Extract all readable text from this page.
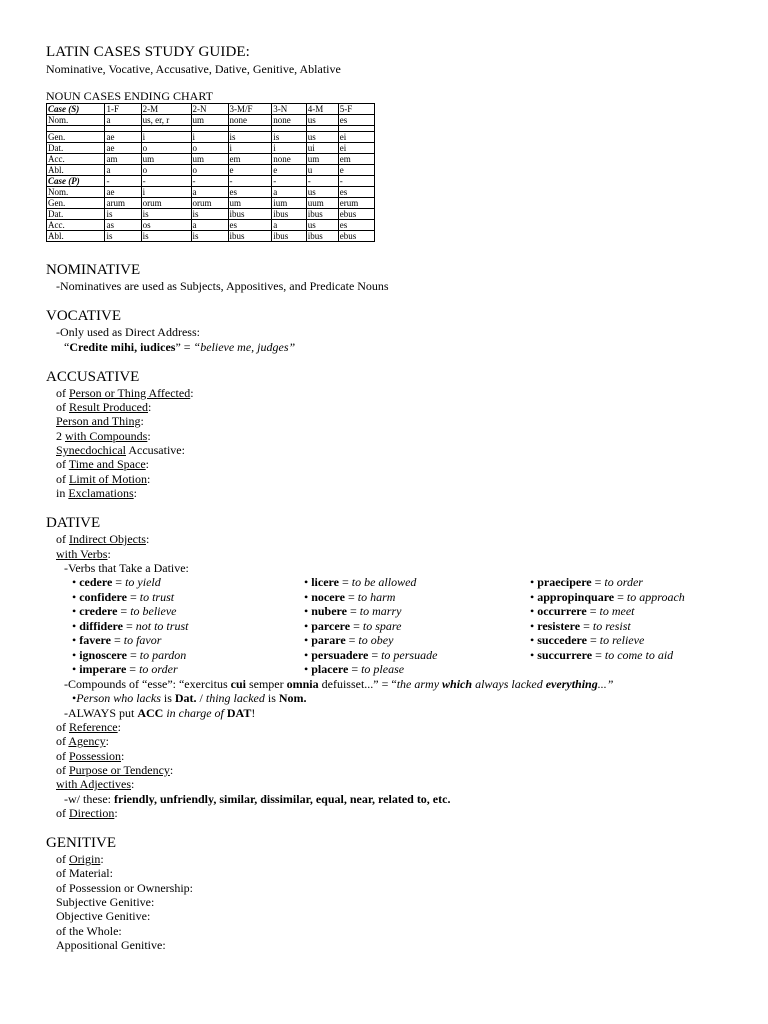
LATIN CASES STUDY GUIDE:
Nominative, Vocative, Accusative, Dative, Genitive, Ablative
NOUN CASES ENDING CHART
Case (S)	1-F	2-M	2-N	3-M/F	3-N	4-M	5-F
Nom.	a	us, er, r	um	none	none	us	es

Gen.	ae	i	i	is	is	us	ei
Dat.	ae	o	o	i	i	ui	ei
Acc.	am	um	um	em	none	um	em
Abl.	a	o	o	e	e	u	e
Case (P)	-	-	-	-	-	-	-
Nom.	ae	i	a	es	a	us	es
Gen.	arum	orum	orum	um	ium	uum	erum
Dat.	is	is	is	ibus	ibus	ibus	ebus
Acc.	as	os	a	es	a	us	es
Abl.	is	is	is	ibus	ibus	ibus	ebus
NOMINATIVE
-Nominatives are used as Subjects, Appositives, and Predicate Nouns
VOCATIVE
-Only used as Direct Address:
“Credite mihi, iudices” = “believe me, judges”
ACCUSATIVE
of Person or Thing Affected:
of Result Produced:
Person and Thing:
2 with Compounds:
Synecdochical Accusative:
of Time and Space:
of Limit of Motion:
in Exclamations:
DATIVE
of Indirect Objects:
with Verbs:
-Verbs that Take a Dative:
• cedere = to yield
• confidere = to trust
• credere = to believe
• diffidere = not to trust
• favere = to favor
• ignoscere = to pardon
• imperare = to order
• licere = to be allowed
• nocere = to harm
• nubere = to marry
• parcere = to spare
• parare = to obey
• persuadere = to persuade
• placere = to please
• praecipere = to order
• appropinquare = to approach
• occurrere = to meet
• resistere = to resist
• succedere = to relieve
• succurrere = to come to aid
-Compounds of “esse”: “exercitus cui semper omnia defuisset...” = “the army which always lacked everything...”
•Person who lacks is Dat. / thing lacked is Nom.
-ALWAYS put ACC in charge of DAT!
of Reference:
of Agency:
of Possession:
of Purpose or Tendency:
with Adjectives:
-w/ these: friendly, unfriendly, similar, dissimilar, equal, near, related to, etc.
of Direction:
GENITIVE
of Origin:
of Material:
of Possession or Ownership:
Subjective Genitive:
Objective Genitive:
of the Whole:
Appositional Genitive:
